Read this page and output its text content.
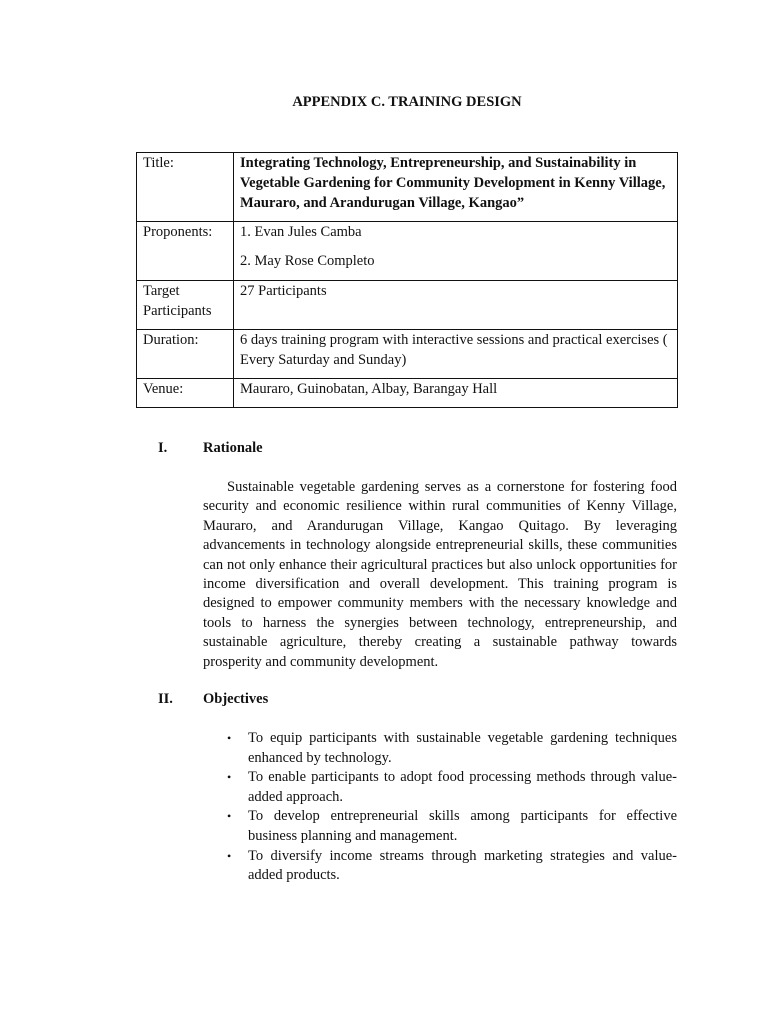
APPENDIX C. TRAINING DESIGN
Title:	Integrating Technology, Entrepreneurship, and Sustainability in Vegetable Gardening for Community Development in Kenny Village, Mauraro, and Arandurugan Village, Kangao”
Proponents:	1. Evan Jules Camba

2. May Rose Completo

Target
Participants	27 Participants
Duration:	6 days training program with interactive sessions and practical exercises ( Every Saturday and Sunday)
Venue:	Mauraro, Guinobatan, Albay, Barangay Hall
I. Rationale

Sustainable vegetable gardening serves as a cornerstone for fostering food security and economic resilience within rural communities of Kenny Village, Mauraro, and Arandurugan Village, Kangao Quitago. By leveraging advancements in technology alongside entrepreneurial skills, these communities can not only enhance their agricultural practices but also unlock opportunities for income diversification and overall development. This training program is designed to empower community members with the necessary knowledge and tools to harness the synergies between technology, entrepreneurship, and sustainable agriculture, thereby creating a sustainable pathway towards prosperity and community development.

II. Objectives
• To equip participants with sustainable vegetable gardening techniques enhanced by technology.
• To enable participants to adopt food processing methods through value-added approach.
• To develop entrepreneurial skills among participants for effective business planning and management.
• To diversify income streams through marketing strategies and value-added products.
